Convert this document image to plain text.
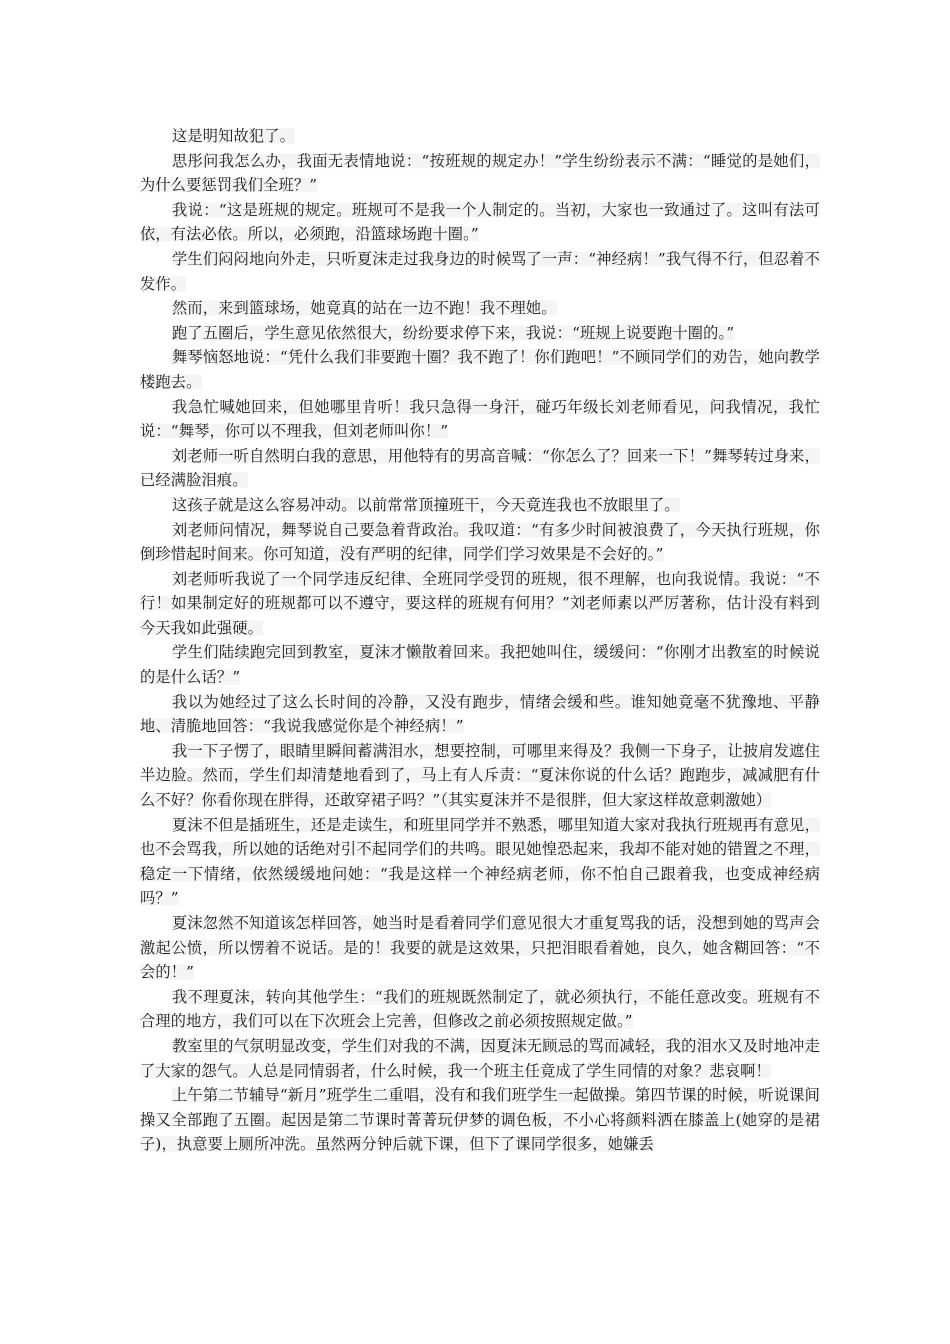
这是明知故犯了。

思彤问我怎么办，我面无表情地说：“按班规的规定办！”学生纷纷表示不满：“睡觉的是她们，为什么要惩罚我们全班？”

我说：“这是班规的规定。班规可不是我一个人制定的。当初，大家也一致通过了。这叫有法可依，有法必依。所以，必须跑，沿篮球场跑十圈。”

学生们闷闷地向外走，只听夏沫走过我身边的时候骂了一声：“神经病！”我气得不行，但忍着不发作。

然而，来到篮球场，她竟真的站在一边不跑！我不理她。

跑了五圈后，学生意见依然很大，纷纷要求停下来，我说：“班规上说要跑十圈的。”

舞琴恼怒地说：“凭什么我们非要跑十圈？我不跑了！你们跑吧！”不顾同学们的劝告，她向教学楼跑去。

我急忙喊她回来，但她哪里肯听！我只急得一身汗，碰巧年级长刘老师看见，问我情况，我忙说：“舞琴，你可以不理我，但刘老师叫你！”

刘老师一听自然明白我的意思，用他特有的男高音喊：“你怎么了？回来一下！”舞琴转过身来，已经满脸泪痕。

这孩子就是这么容易冲动。以前常常顶撞班干，今天竟连我也不放眼里了。

刘老师问情况，舞琴说自己要急着背政治。我叹道：“有多少时间被浪费了，今天执行班规，你倒珍惜起时间来。你可知道，没有严明的纪律，同学们学习效果是不会好的。”

刘老师听我说了一个同学违反纪律、全班同学受罚的班规，很不理解，也向我说情。我说：“不行！如果制定好的班规都可以不遵守，要这样的班规有何用？”刘老师素以严厉著称，估计没有料到今天我如此强硬。

学生们陆续跑完回到教室，夏沫才懒散着回来。我把她叫住，缓缓问：“你刚才出教室的时候说的是什么话？”

我以为她经过了这么长时间的冷静，又没有跑步，情绪会缓和些。谁知她竟毫不犹豫地、平静地、清脆地回答：“我说我感觉你是个神经病！”

我一下子愣了，眼睛里瞬间蓄满泪水，想要控制，可哪里来得及？我侧一下身子，让披肩发遮住半边脸。然而，学生们却清楚地看到了，马上有人斥责：“夏沫你说的什么话？跑跑步，减减肥有什么不好？你看你现在胖得，还敢穿裙子吗？”（其实夏沫并不是很胖，但大家这样故意刺激她）

夏沫不但是插班生，还是走读生，和班里同学并不熟悉，哪里知道大家对我执行班规再有意见，也不会骂我，所以她的话绝对引不起同学们的共鸣。眼见她惶恐起来，我却不能对她的错置之不理，稳定一下情绪，依然缓缓地问她：“我是这样一个神经病老师，你不怕自己跟着我，也变成神经病吗？”

夏沫忽然不知道该怎样回答，她当时是看着同学们意见很大才重复骂我的话，没想到她的骂声会激起公愤，所以愣着不说话。是的！我要的就是这效果，只把泪眼看着她，良久，她含糊回答：“不会的！”

我不理夏沫，转向其他学生：“我们的班规既然制定了，就必须执行，不能任意改变。班规有不合理的地方，我们可以在下次班会上完善，但修改之前必须按照规定做。”

教室里的气氛明显改变，学生们对我的不满，因夏沫无顾忌的骂而减轻，我的泪水又及时地冲走了大家的怨气。人总是同情弱者，什么时候，我一个班主任竟成了学生同情的对象？悲哀啊！

上午第二节辅导“新月”班学生二重唱，没有和我们班学生一起做操。第四节课的时候，听说课间操又全部跑了五圈。起因是第二节课时菁菁玩伊梦的调色板，不小心将颜料洒在膝盖上(她穿的是裙子)，执意要上厕所冲洗。虽然两分钟后就下课，但下了课同学很多，她嫌丢
